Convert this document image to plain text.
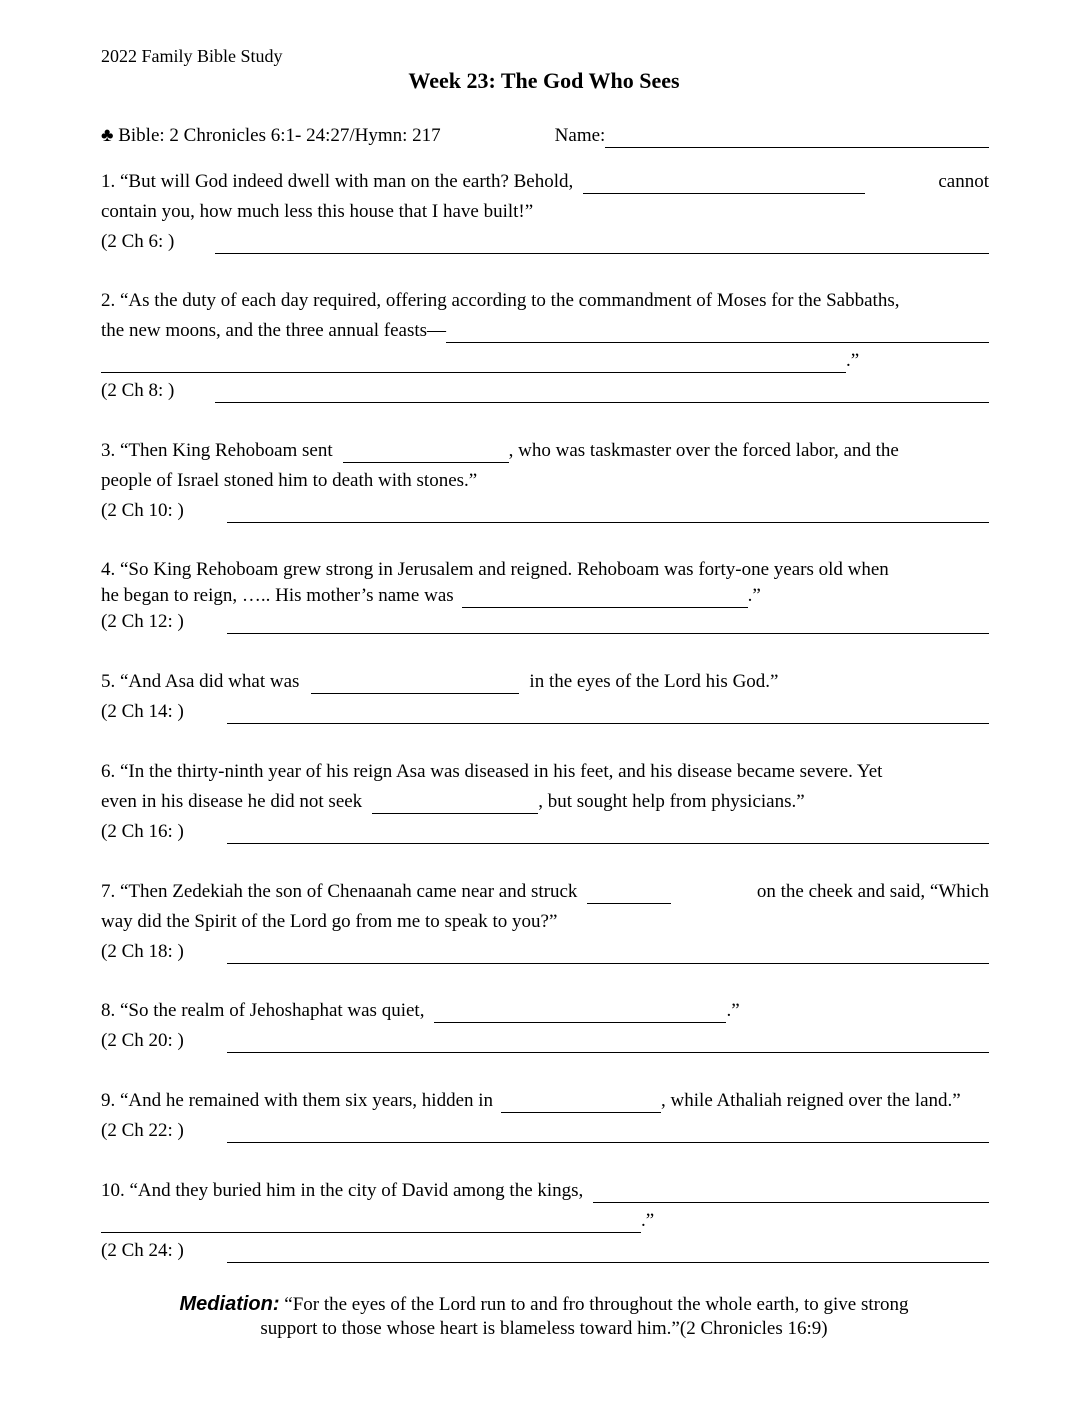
2022 Family Bible Study
Week 23: The God Who Sees
♣ Bible: 2 Chronicles 6:1- 24:27/Hymn: 217	Name:
1. “But will God indeed dwell with man on the earth? Behold,	cannot
contain you, how much less this house that I have built!”
(2 Ch 6: )
2. “As the duty of each day required, offering according to the commandment of Moses for the Sabbaths,
the new moons, and the three annual feasts—
.”
(2 Ch 8: )
3. “Then King Rehoboam sent	, who was taskmaster over the forced labor, and the
people of Israel stoned him to death with stones.”
(2 Ch 10: )
4. “So King Rehoboam grew strong in Jerusalem and reigned. Rehoboam was forty-one years old when
he began to reign, ….. His mother’s name was	.”
(2 Ch 12: )
5. “And Asa did what was	in the eyes of the Lord his God.”
(2 Ch 14: )
6. “In the thirty-ninth year of his reign Asa was diseased in his feet, and his disease became severe. Yet
even in his disease he did not seek	, but sought help from physicians.”
(2 Ch 16: )
7. “Then Zedekiah the son of Chenaanah came near and struck	on the cheek and said, “Which
way did the Spirit of the Lord go from me to speak to you?”
(2 Ch 18: )
8. “So the realm of Jehoshaphat was quiet,	.”
(2 Ch 20: )
9. “And he remained with them six years, hidden in	, while Athaliah reigned over the land.”
(2 Ch 22: )
10. “And they buried him in the city of David among the kings,
.”
(2 Ch 24: )
Mediation: “For the eyes of the Lord run to and fro throughout the whole earth, to give strong
support to those whose heart is blameless toward him.”(2 Chronicles 16:9)
